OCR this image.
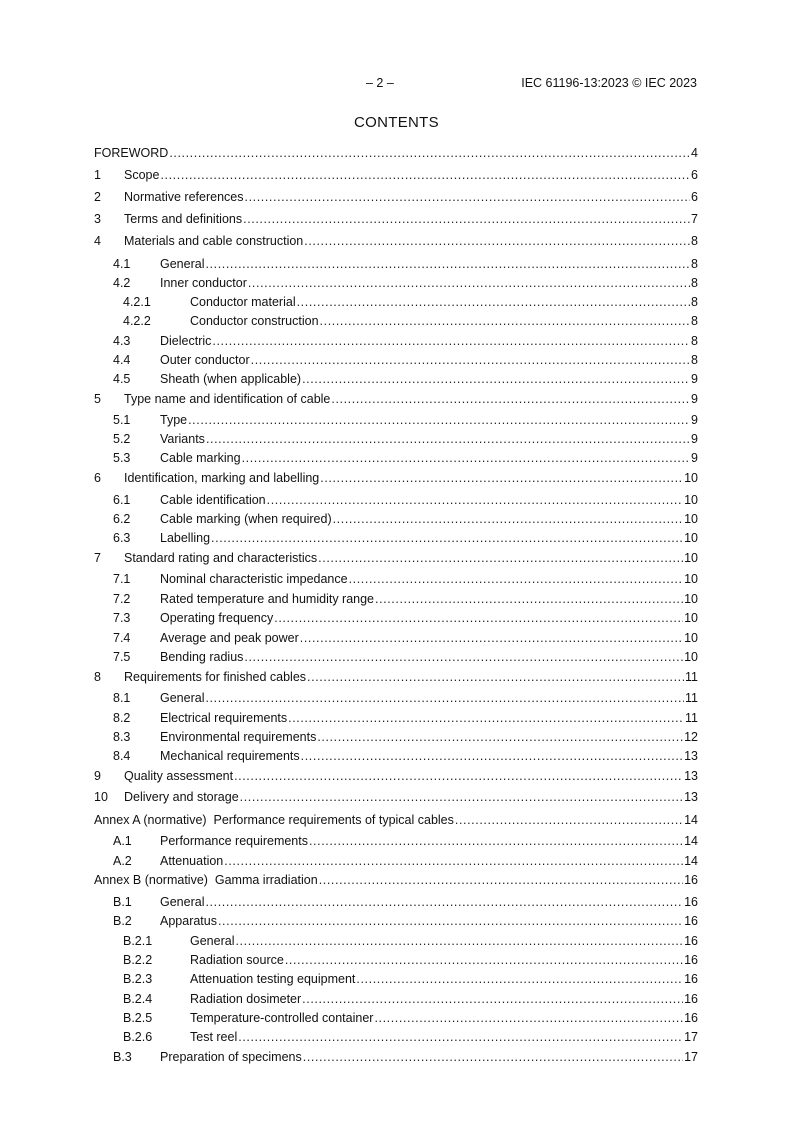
– 2 –	IEC 61196-13:2023 © IEC 2023
CONTENTS
FOREWORD .....	4
1 Scope .....	6
2 Normative references .....	6
3 Terms and definitions .....	7
4 Materials and cable construction .....	8
4.1 General .....	8
4.2 Inner conductor .....	8
4.2.1	Conductor material .....	8
4.2.2	Conductor construction .....	8
4.3 Dielectric .....	8
4.4 Outer conductor .....	8
4.5 Sheath (when applicable) .....	9
5 Type name and identification of cable .....	9
5.1 Type .....	9
5.2 Variants .....	9
5.3 Cable marking .....	9
6 Identification, marking and labelling .....	10
6.1 Cable identification .....	10
6.2 Cable marking (when required) .....	10
6.3 Labelling .....	10
7 Standard rating and characteristics .....	10
7.1 Nominal characteristic impedance .....	10
7.2 Rated temperature and humidity range .....	10
7.3 Operating frequency .....	10
7.4 Average and peak power .....	10
7.5 Bending radius .....	10
8 Requirements for finished cables .....	11
8.1 General .....	11
8.2 Electrical requirements .....	11
8.3 Environmental requirements .....	12
8.4 Mechanical requirements .....	13
9 Quality assessment .....	13
10 Delivery and storage .....	13
Annex A (normative)  Performance requirements of typical cables .....	14
A.1 Performance requirements .....	14
A.2 Attenuation .....	14
Annex B (normative)  Gamma irradiation .....	16
B.1 General .....	16
B.2 Apparatus .....	16
B.2.1	General .....	16
B.2.2	Radiation source .....	16
B.2.3	Attenuation testing equipment .....	16
B.2.4	Radiation dosimeter .....	16
B.2.5	Temperature-controlled container .....	16
B.2.6	Test reel .....	17
B.3 Preparation of specimens .....	17
